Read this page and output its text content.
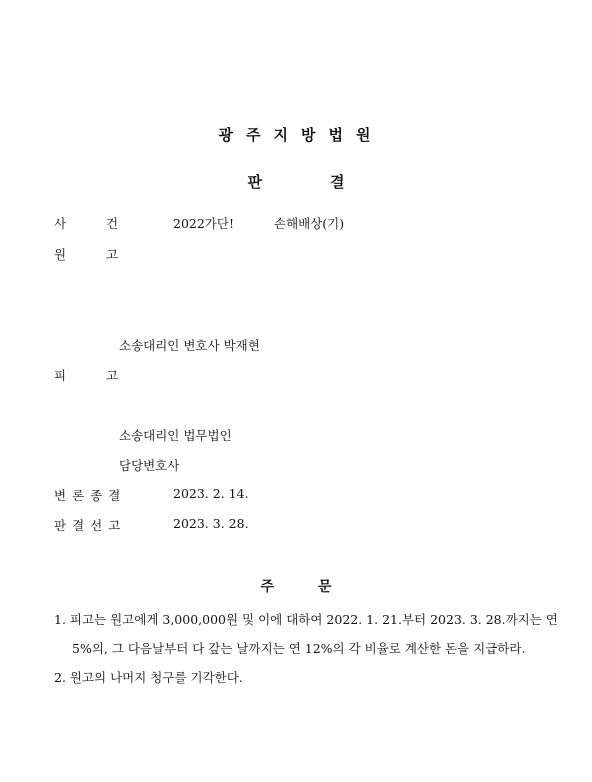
광주지방법원
판	결
사	건	2022가단!	손해배상(기)
원	고
소송대리인 변호사 박재현
피	고
소송대리인 법무법인
담당변호사
변론종결	2023. 2. 14.
판결선고	2023. 3. 28.
주	문
1. 피고는 원고에게 3,000,000원 및 이에 대하여 2022. 1. 21.부터 2023. 3. 28.까지는 연
5%의, 그 다음날부터 다 갚는 날까지는 연 12%의 각 비율로 계산한 돈을 지급하라.
2. 원고의 나머지 청구를 기각한다.
